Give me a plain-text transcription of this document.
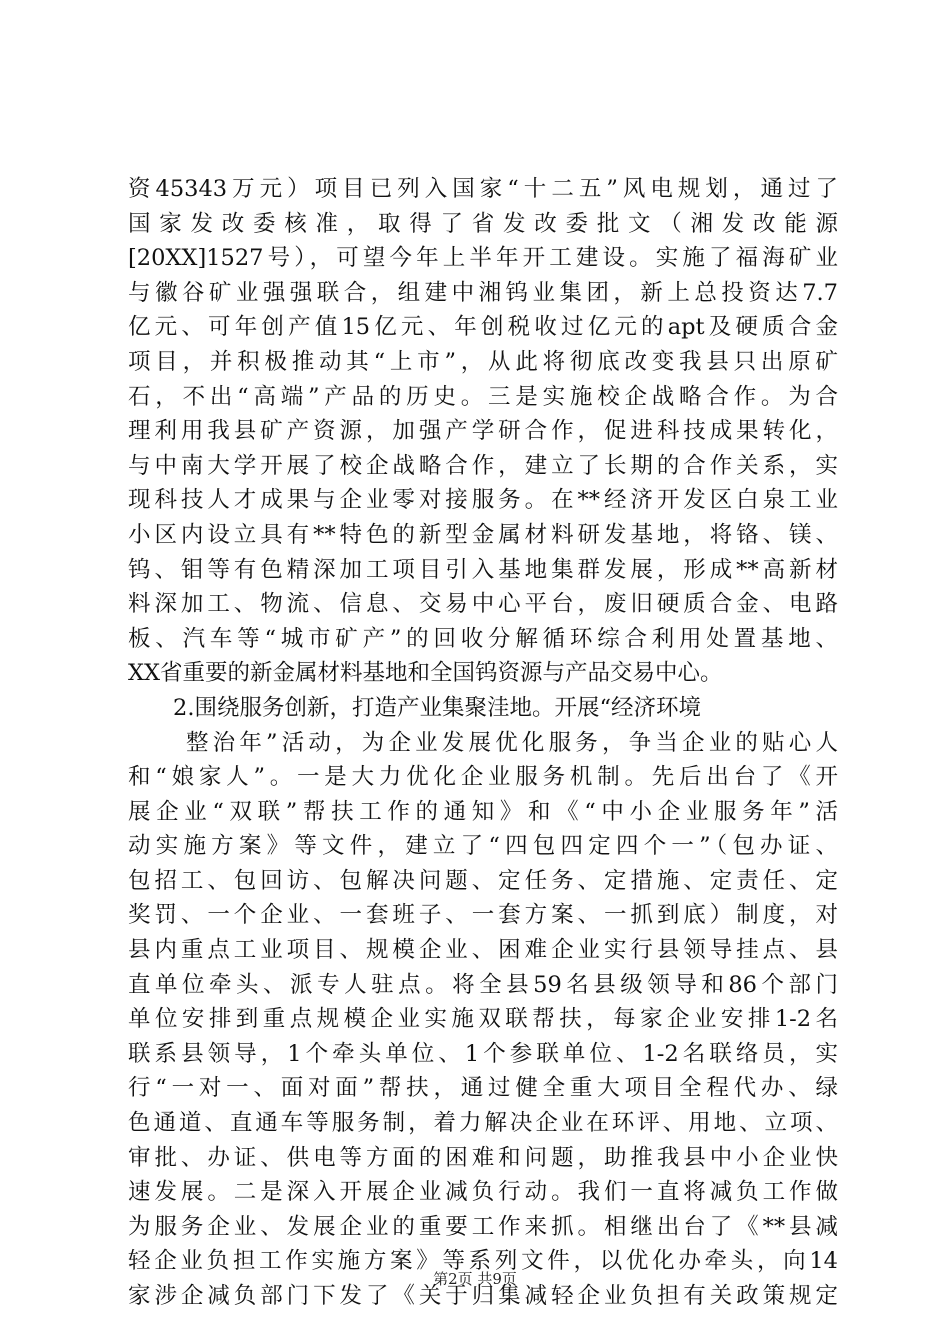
资45343万元）项目已列入国家“十二五”风电规划，通过了
国家发改委核准，取得了省发改委批文（湘发改能源
[20XX]1527号），可望今年上半年开工建设。实施了福海矿业
与徽谷矿业强强联合，组建中湘钨业集团，新上总投资达7.7
亿元、可年创产值15亿元、年创税收过亿元的apt及硬质合金
项目，并积极推动其“上市”，从此将彻底改变我县只出原矿
石，不出“高端”产品的历史。三是实施校企战略合作。为合
理利用我县矿产资源，加强产学研合作，促进科技成果转化，
与中南大学开展了校企战略合作，建立了长期的合作关系，实
现科技人才成果与企业零对接服务。在**经济开发区白泉工业
小区内设立具有**特色的新型金属材料研发基地，将铬、镁、
钨、钼等有色精深加工项目引入基地集群发展，形成**高新材
料深加工、物流、信息、交易中心平台，废旧硬质合金、电路
板、汽车等“城市矿产”的回收分解循环综合利用处置基地、
XX省重要的新金属材料基地和全国钨资源与产品交易中心。
2.围绕服务创新，打造产业集聚洼地。开展“经济环境
整治年”活动，为企业发展优化服务，争当企业的贴心人
和“娘家人”。一是大力优化企业服务机制。先后出台了《开
展企业“双联”帮扶工作的通知》和《“中小企业服务年”活
动实施方案》等文件，建立了“四包四定四个一”（包办证、
包招工、包回访、包解决问题、定任务、定措施、定责任、定
奖罚、一个企业、一套班子、一套方案、一抓到底）制度，对
县内重点工业项目、规模企业、困难企业实行县领导挂点、县
直单位牵头、派专人驻点。将全县59名县级领导和86个部门
单位安排到重点规模企业实施双联帮扶，每家企业安排1-2名
联系县领导，1个牵头单位、1个参联单位、1-2名联络员，实
行“一对一、面对面”帮扶，通过健全重大项目全程代办、绿
色通道、直通车等服务制，着力解决企业在环评、用地、立项、
审批、办证、供电等方面的困难和问题，助推我县中小企业快
速发展。二是深入开展企业减负行动。我们一直将减负工作做
为服务企业、发展企业的重要工作来抓。相继出台了《**县减
轻企业负担工作实施方案》等系列文件，以优化办牵头，向14
家涉企减负部门下发了《关于归集减轻企业负担有关政策规定
第2页 共9页
